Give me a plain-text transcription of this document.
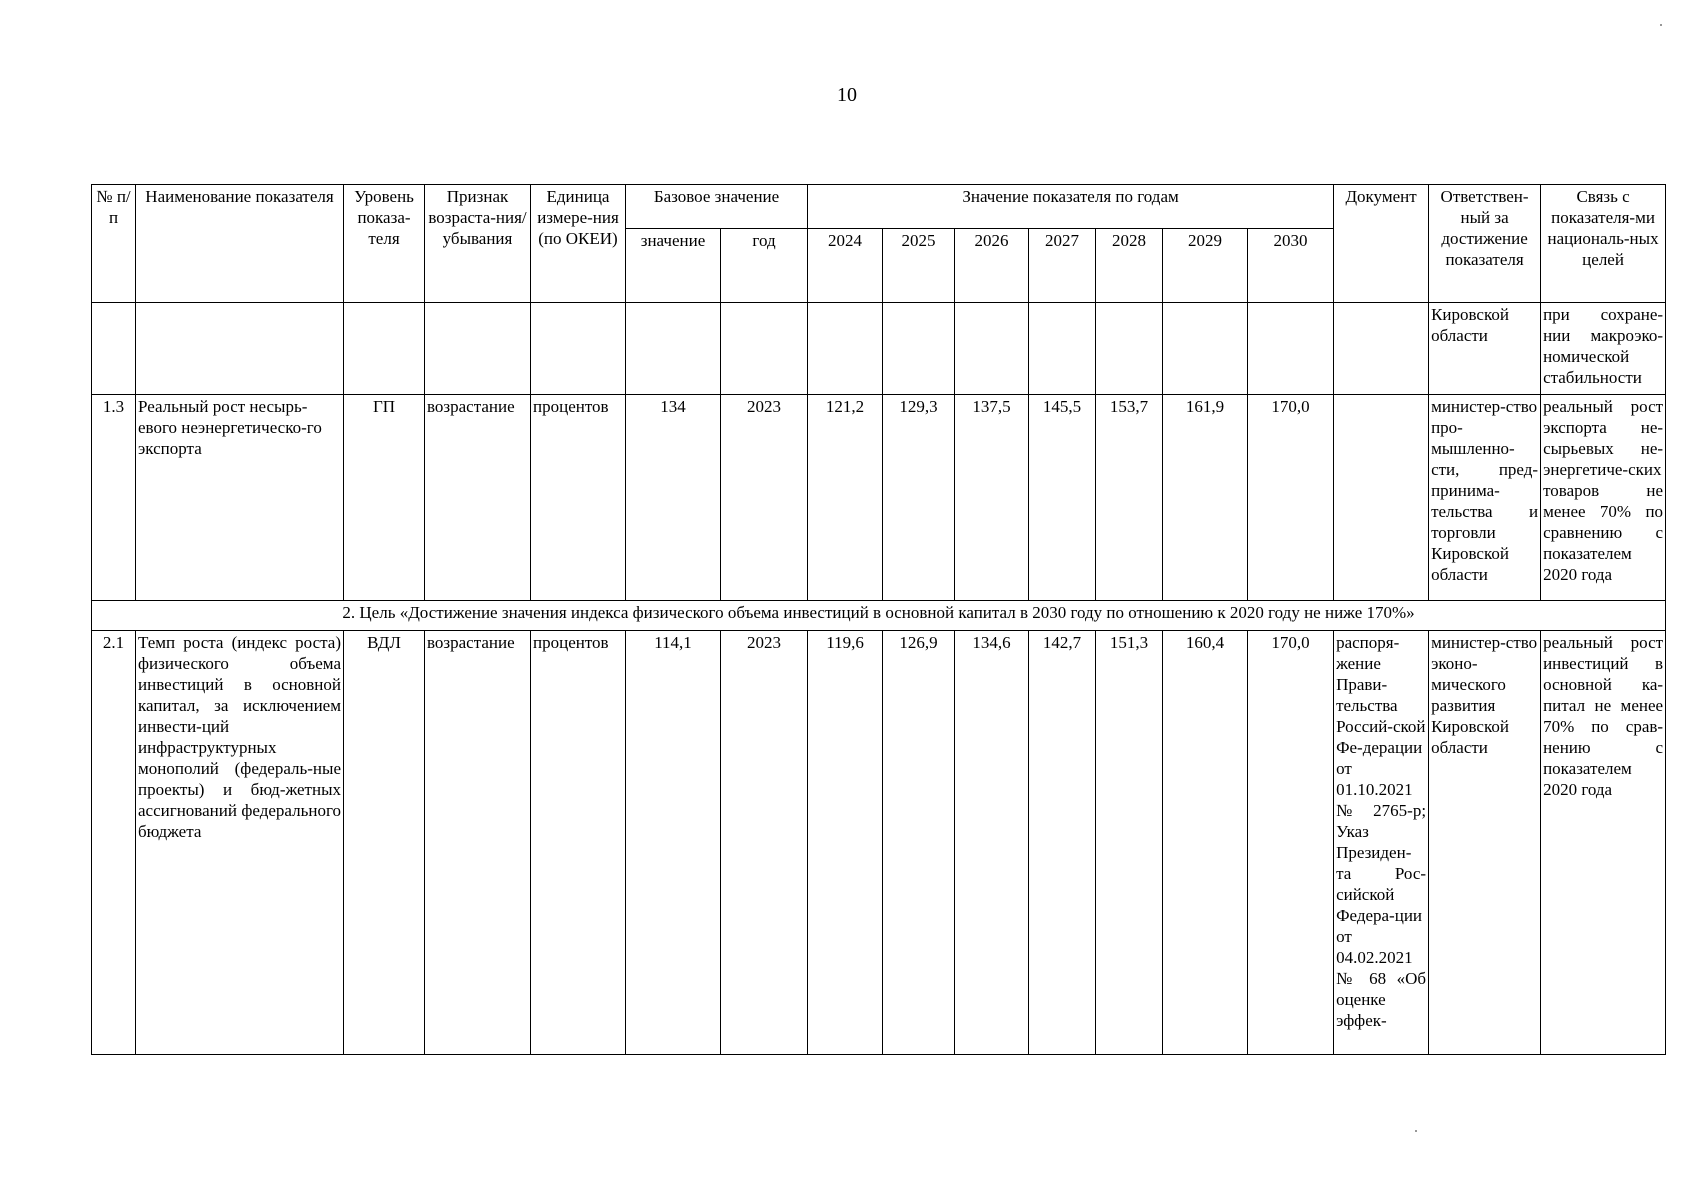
10
№ п/п	Наименование показателя	Уровень показа-теля	Признак возраста-ния/ убывания	Единица измере-ния (по ОКЕИ)	Базовое значение		Значение показателя по годам							Документ	Ответствен-ный за достижение показателя	Связь с показателя-ми националь-ных целей
					значение	год	2024	2025	2026	2027	2028	2029	2030			
															Кировской области	при сохране-нии макроэко-номической стабильности
1.3	Реальный рост несырь-евого неэнергетическо-го экспорта	ГП	возрастание	процентов	134	2023	121,2	129,3	137,5	145,5	153,7	161,9	170,0		министер-ство про-мышленно-сти, пред-принима-тельства и торговли Кировской области	реальный рост экспорта не-сырьевых не-энергетиче-ских товаров не менее 70% по сравнению с показателем 2020 года
2. Цель «Достижение значения индекса физического объема инвестиций в основной капитал в 2030 году по отношению к 2020 году не ниже 170%»																
2.1	Темп роста (индекс роста) физического объема инвестиций в основной капитал, за исключением инвести-ций инфраструктурных монополий (федераль-ные проекты) и бюд-жетных ассигнований федерального бюджета	ВДЛ	возрастание	процентов	114,1	2023	119,6	126,9	134,6	142,7	151,3	160,4	170,0	распоря-жение Прави-тельства Россий-ской Фе-дерации от 01.10.2021 № 2765-р; Указ Президен-та Рос-сийской Федера-ции от 04.02.2021 № 68 «Об оценке эффек-	министер-ство эконо-мического развития Кировской области	реальный рост инвестиций в основной ка-питал не менее 70% по срав-нению с показателем 2020 года
